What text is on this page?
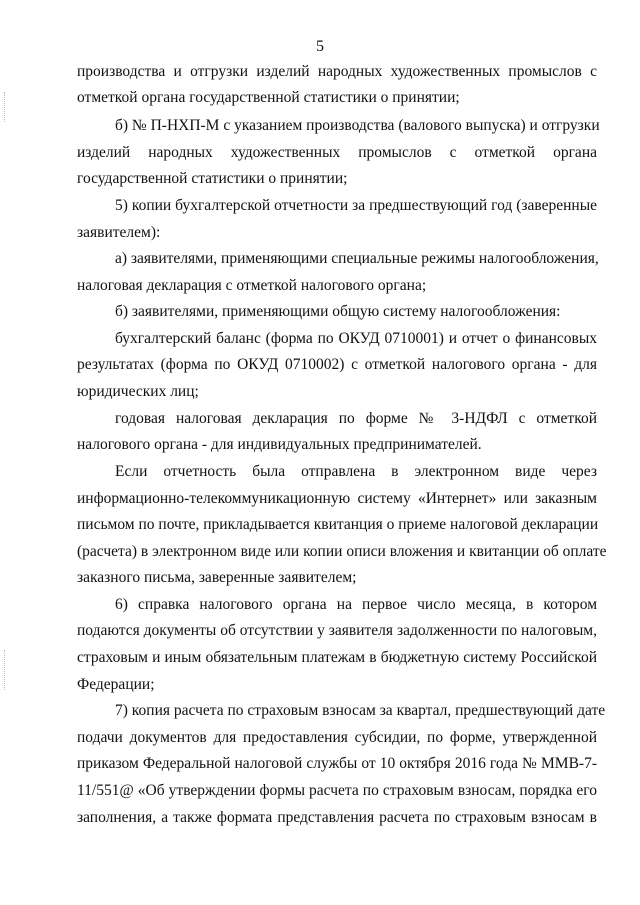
5
производства и отгрузки изделий народных художественных промыслов с
отметкой органа государственной статистики о принятии;
б) № П-НХП-М с указанием производства (валового выпуска) и отгрузки
изделий народных художественных промыслов с отметкой органа
государственной статистики о принятии;
5) копии бухгалтерской отчетности за предшествующий год (заверенные
заявителем):
а) заявителями, применяющими специальные режимы налогообложения,
налоговая декларация с отметкой налогового органа;
б) заявителями, применяющими общую систему налогообложения:
бухгалтерский баланс (форма по ОКУД 0710001) и отчет о финансовых
результатах (форма по ОКУД 0710002) с отметкой налогового органа - для
юридических лиц;
годовая налоговая декларация по форме № 3-НДФЛ с отметкой
налогового органа - для индивидуальных предпринимателей.
Если отчетность была отправлена в электронном виде через
информационно-телекоммуникационную систему «Интернет» или заказным
письмом по почте, прикладывается квитанция о приеме налоговой декларации
(расчета) в электронном виде или копии описи вложения и квитанции об оплате
заказного письма, заверенные заявителем;
6) справка налогового органа на первое число месяца, в котором
подаются документы об отсутствии у заявителя задолженности по налоговым,
страховым и иным обязательным платежам в бюджетную систему Российской
Федерации;
7) копия расчета по страховым взносам за квартал, предшествующий дате
подачи документов для предоставления субсидии, по форме, утвержденной
приказом Федеральной налоговой службы от 10 октября 2016 года № ММВ-7-
11/551@ «Об утверждении формы расчета по страховым взносам, порядка его
заполнения, а также формата представления расчета по страховым взносам в
